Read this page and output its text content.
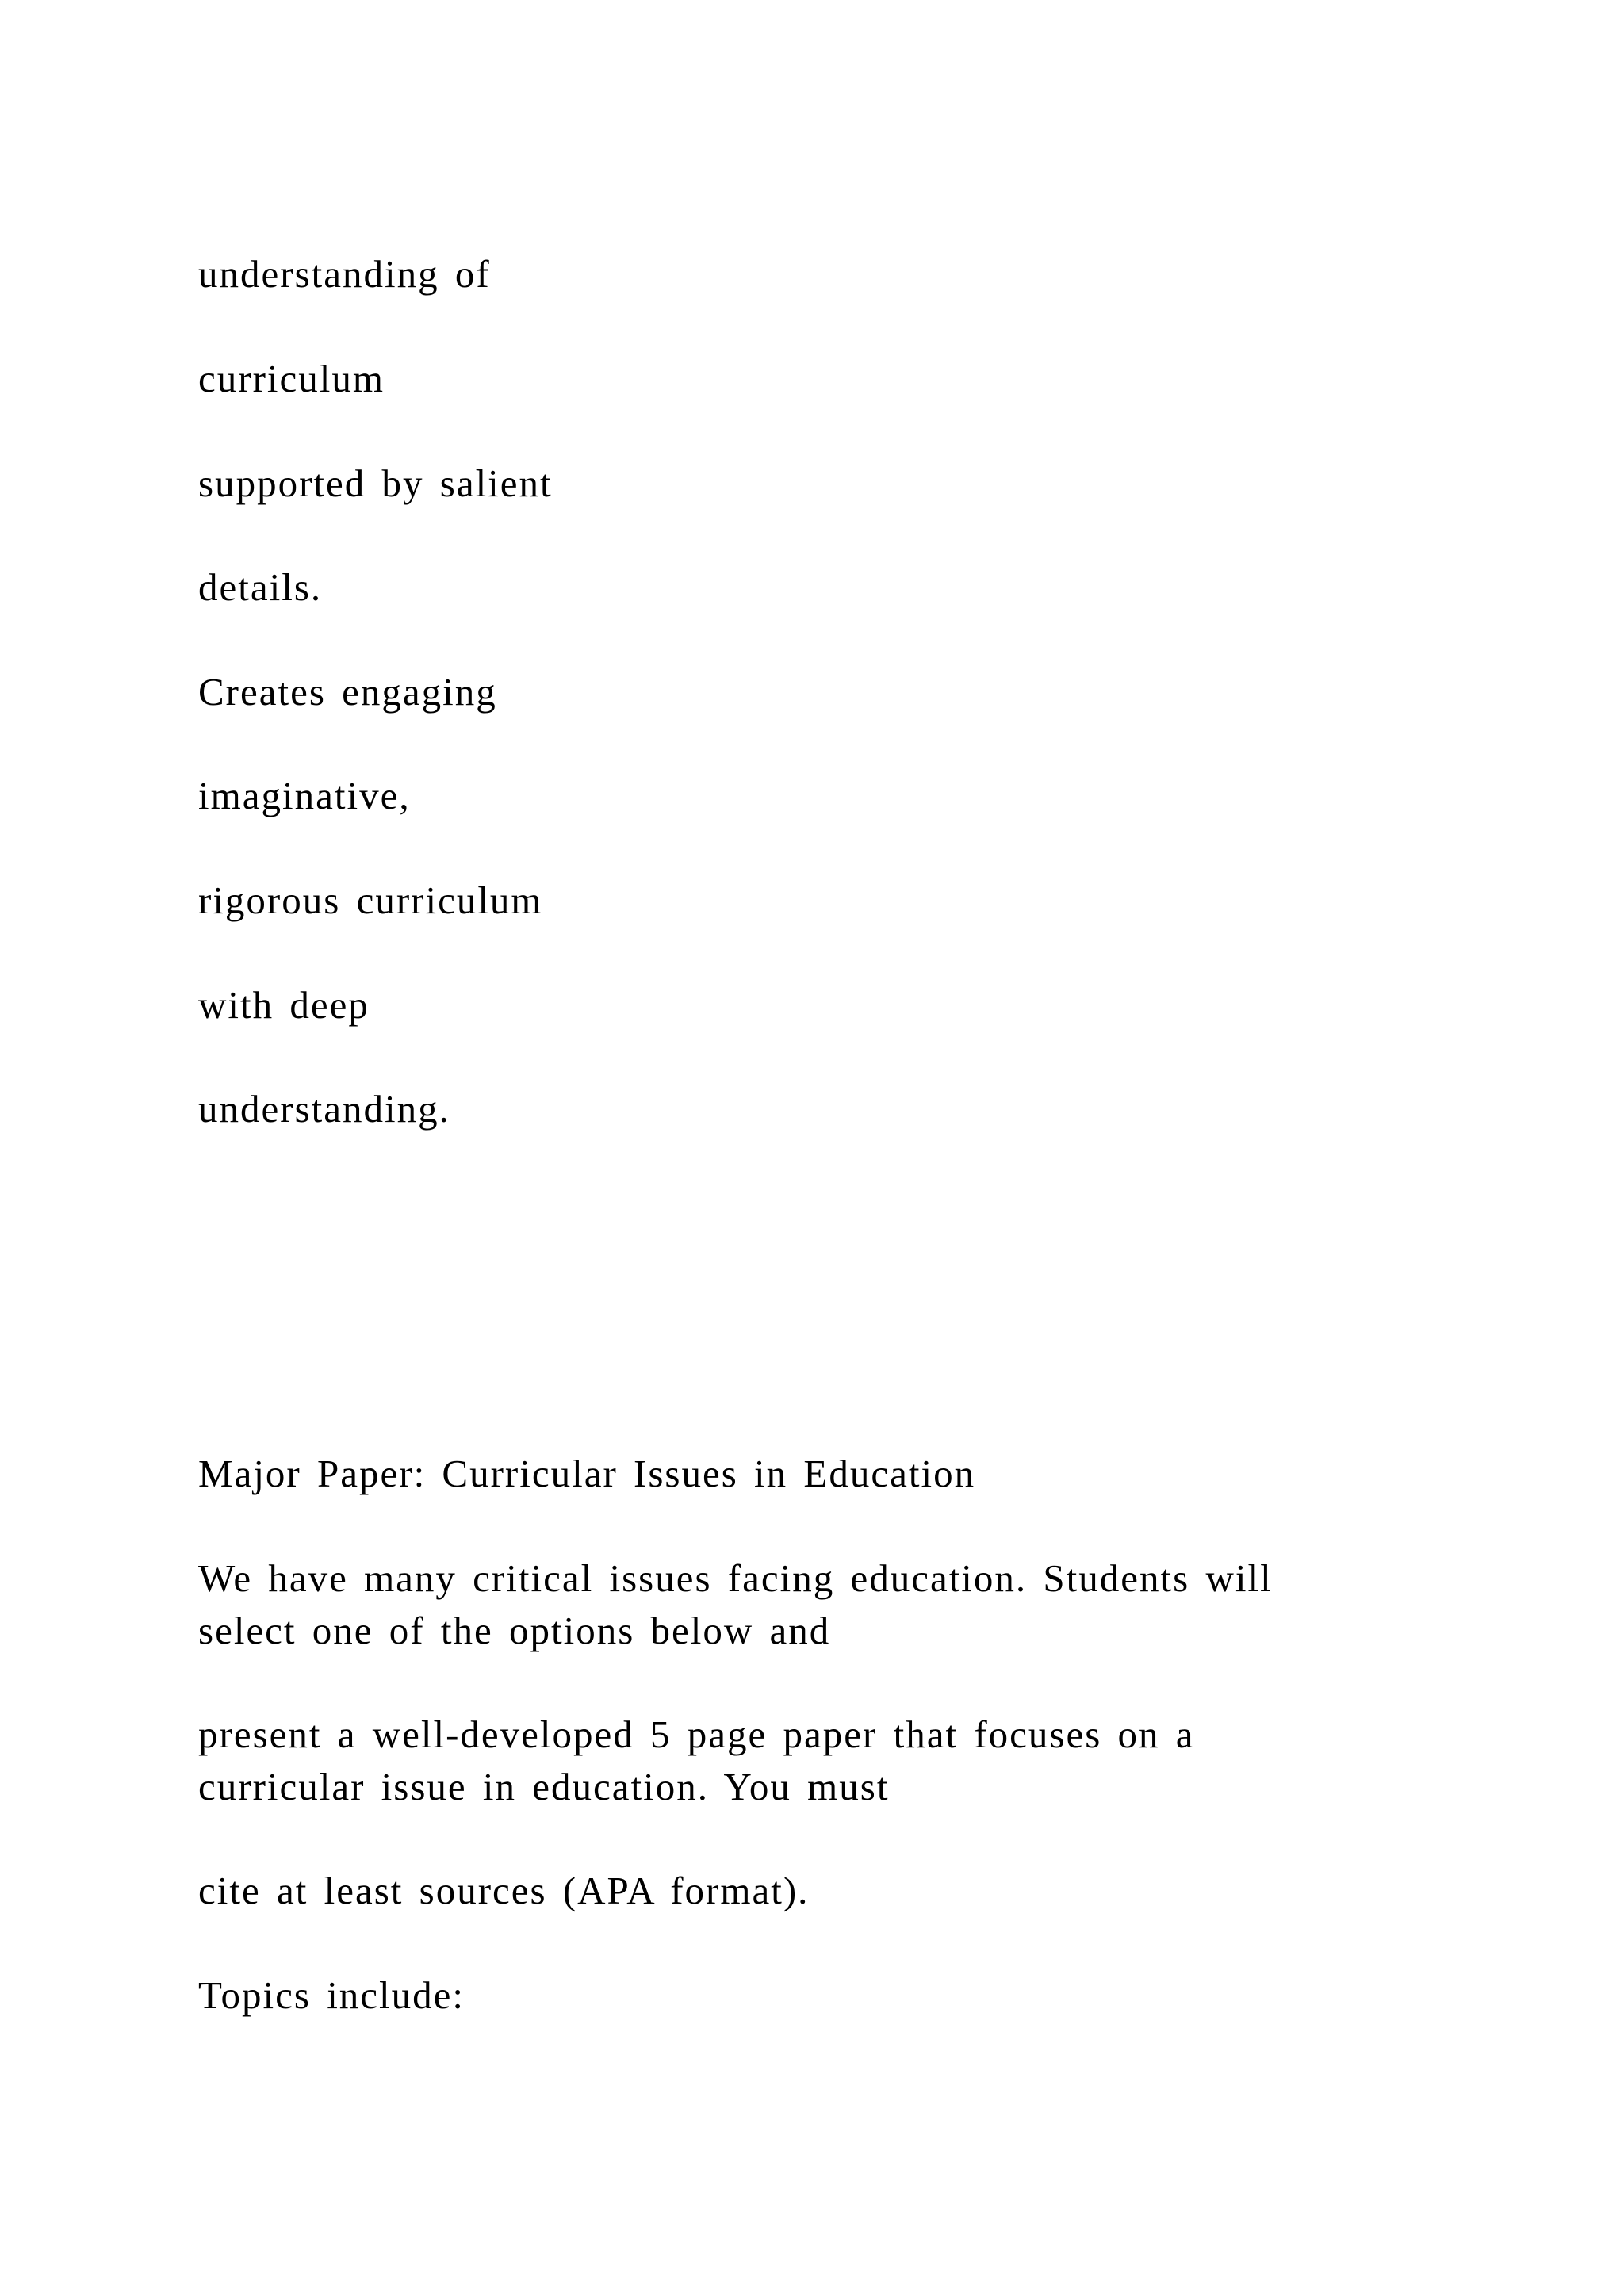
understanding of

curriculum

supported by salient

details.

Creates engaging

imaginative,

rigorous curriculum

with deep

understanding.

Major Paper: Curricular Issues in Education

We have many critical issues facing education. Students will

select one of the options below and

present a well-developed 5 page paper that focuses on a

curricular issue in education. You must

cite at least sources (APA format).

Topics include:
